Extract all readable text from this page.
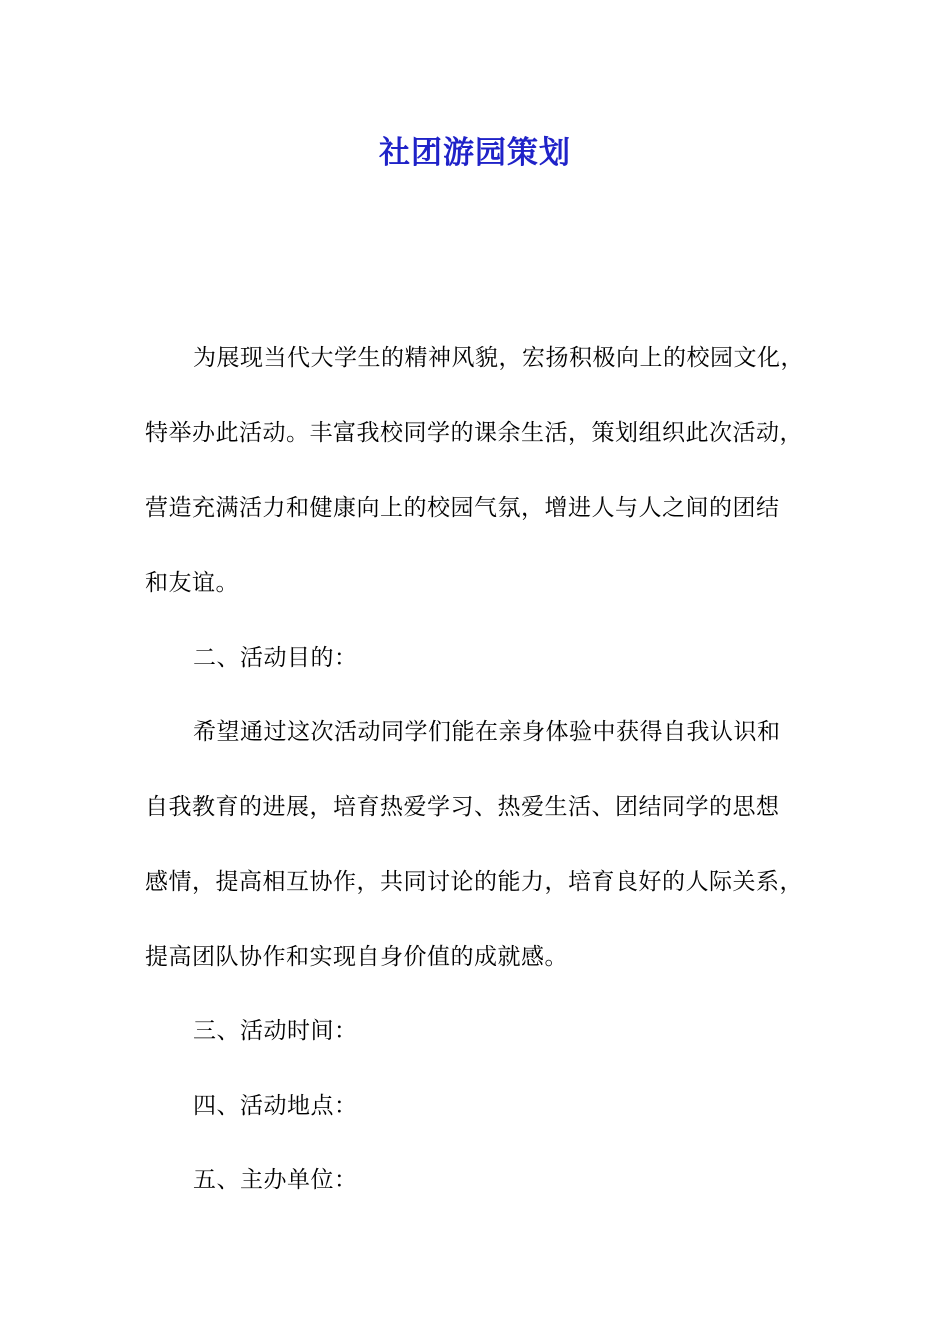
社团游园策划
为展现当代大学生的精神风貌，宏扬积极向上的校园文化，
特举办此活动。丰富我校同学的课余生活，策划组织此次活动，
营造充满活力和健康向上的校园气氛，增进人与人之间的团结
和友谊。
二、活动目的：
希望通过这次活动同学们能在亲身体验中获得自我认识和
自我教育的进展，培育热爱学习、热爱生活、团结同学的思想
感情，提高相互协作，共同讨论的能力，培育良好的人际关系，
提高团队协作和实现自身价值的成就感。
三、活动时间：
四、活动地点：
五、主办单位：
